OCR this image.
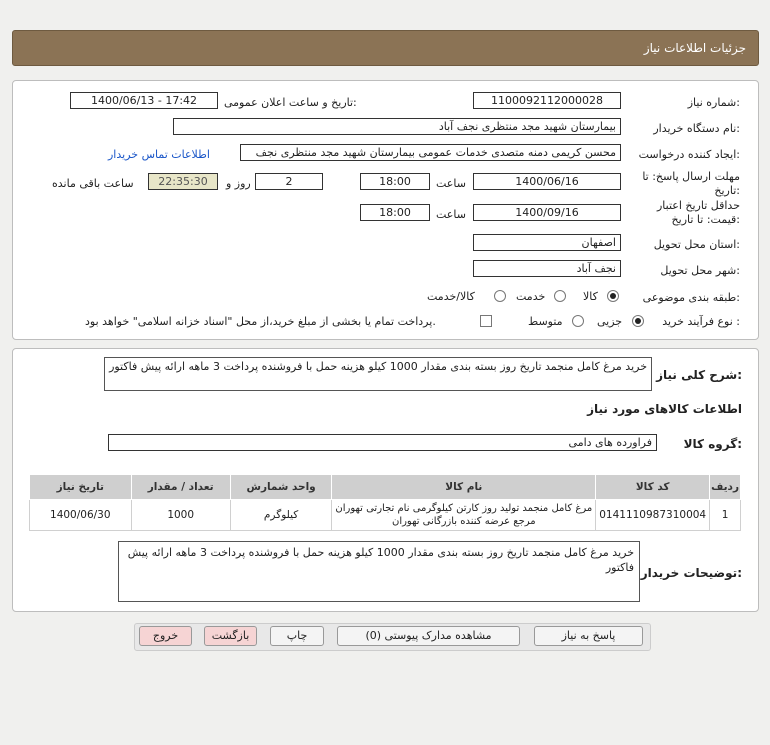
جزئیات اطلاعات نیاز
شماره نیاز:
1100092112000028
تاریخ و ساعت اعلان عمومی:
1400/06/13 - 17:42
نام دستگاه خریدار:
بیمارستان شهید مجد منتظری نجف آباد
ایجاد کننده درخواست:
محسن کریمی دمنه متصدی خدمات عمومی بیمارستان شهید مجد منتظری نجف
اطلاعات تماس خریدار
مهلت ارسال پاسخ: تا
تاریخ:
1400/06/16
ساعت
18:00
2
روز و
22:35:30
ساعت باقی مانده
حداقل تاریخ اعتبار
قیمت: تا تاریخ:
1400/09/16
ساعت
18:00
استان محل تحویل:
اصفهان
شهر محل تحویل:
نجف آباد
طبقه بندی موضوعی:
کالا
خدمت
کالا/خدمت
نوع فرآیند خرید :
جزیی
متوسط
پرداخت تمام یا بخشی از مبلغ خرید،از محل "اسناد خزانه اسلامی" خواهد بود.
شرح کلی نیاز:
خرید مرغ کامل منجمد تاریخ روز بسته بندی مقدار 1000 کیلو هزینه حمل با فروشنده پرداخت 3 ماهه ارائه پیش فاکتور
اطلاعات کالاهای مورد نیاز
گروه کالا:
فراورده های دامی
ردیف	کد کالا	نام کالا	واحد شمارش	تعداد / مقدار	تاریخ نیاز
1	0141110987310004	مرغ کامل منجمد تولید روز کارتن کیلوگرمی نام تجارتی تهوران مرجع عرضه کننده بازرگانی تهوران	کیلوگرم	1000	1400/06/30
توضیحات خریدار:
خرید مرغ کامل منجمد تاریخ روز بسته بندی مقدار 1000 کیلو هزینه حمل با فروشنده پرداخت 3 ماهه ارائه پیش فاکتور
پاسخ به نیاز
مشاهده مدارک پیوستی (0)
چاپ
بازگشت
خروج
